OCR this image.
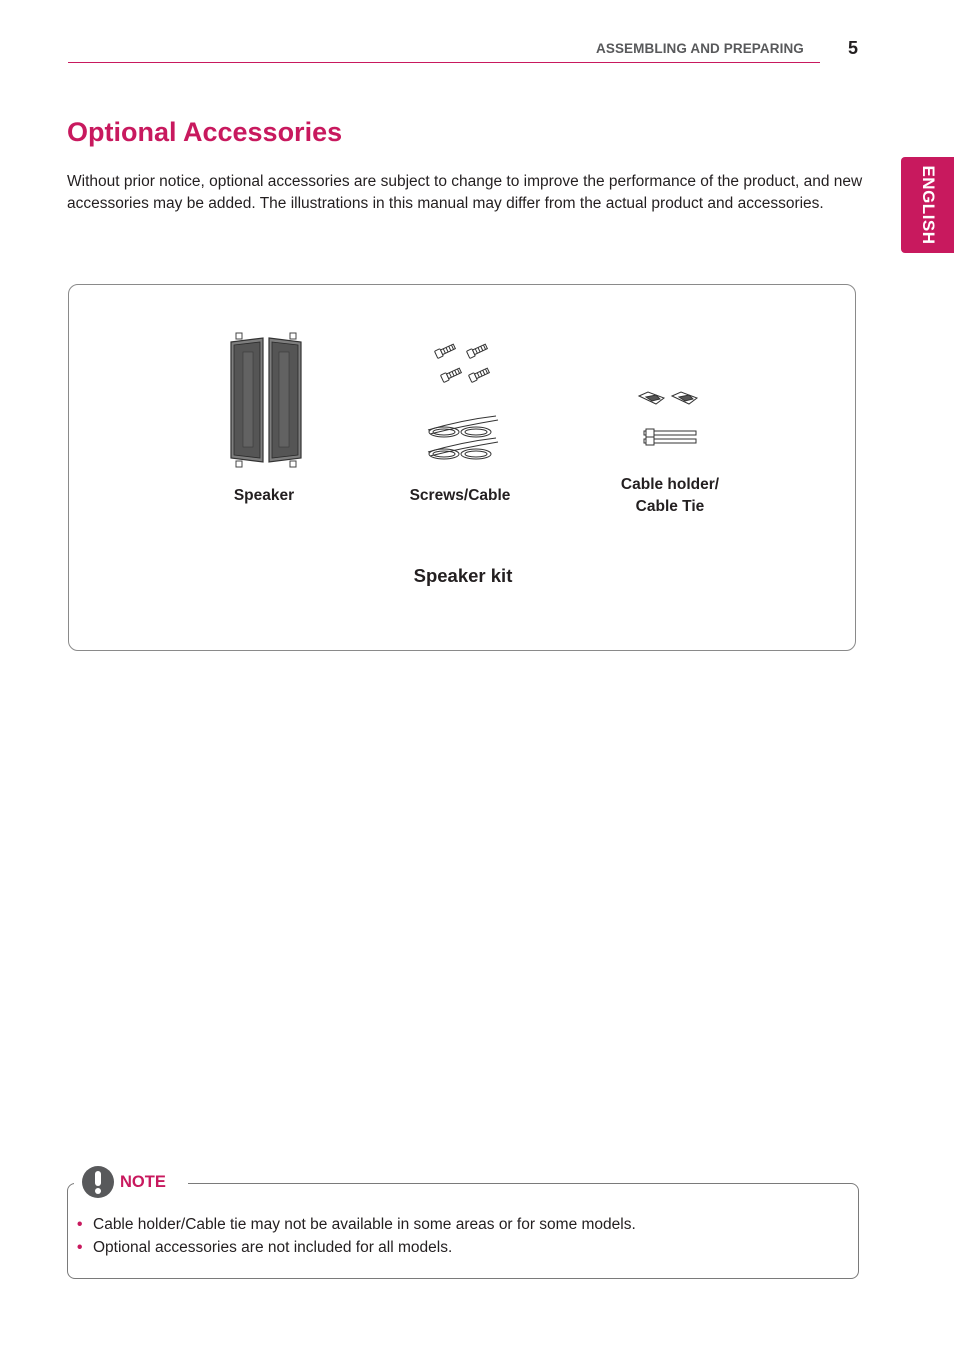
ASSEMBLING AND PREPARING 5
ENGLISH
Optional Accessories

Without prior notice, optional accessories are subject to change to improve the performance of the product, and new accessories may be added. The illustrations in this manual may differ from the actual product and accessories.

Speaker	Screws/Cable
Cable holder/
Cable Tie
Speaker kit
NOTE
• Cable holder/Cable tie may not be available in some areas or for some models.
• Optional accessories are not included for all models.
